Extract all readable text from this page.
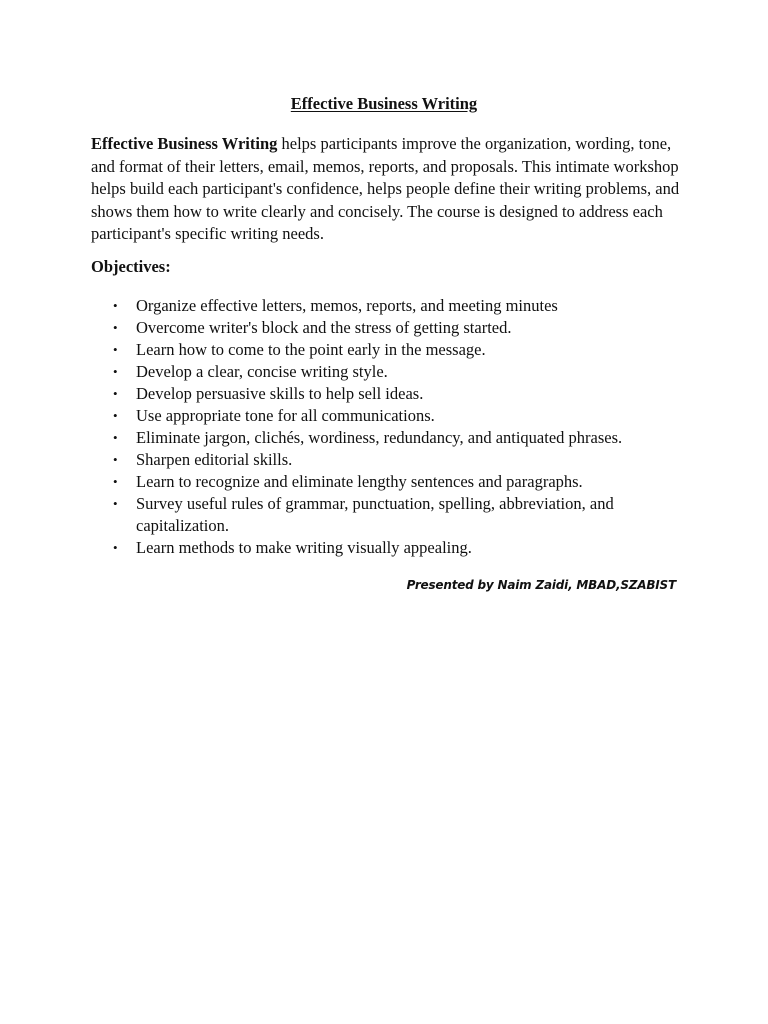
Effective Business Writing

Effective Business Writing helps participants improve the organization, wording, tone, and format of their letters, email, memos, reports, and proposals. This intimate workshop helps build each participant's confidence, helps people define their writing problems, and shows them how to write clearly and concisely. The course is designed to address each participant's specific writing needs.

Objectives:
• Organize effective letters, memos, reports, and meeting minutes
• Overcome writer's block and the stress of getting started.
• Learn how to come to the point early in the message.
• Develop a clear, concise writing style.
• Develop persuasive skills to help sell ideas.
• Use appropriate tone for all communications.
• Eliminate jargon, clichés, wordiness, redundancy, and antiquated phrases.
• Sharpen editorial skills.
• Learn to recognize and eliminate lengthy sentences and paragraphs.
• Survey useful rules of grammar, punctuation, spelling, abbreviation, and capitalization.
• Learn methods to make writing visually appealing.
Presented by Naim Zaidi, MBAD,SZABIST
